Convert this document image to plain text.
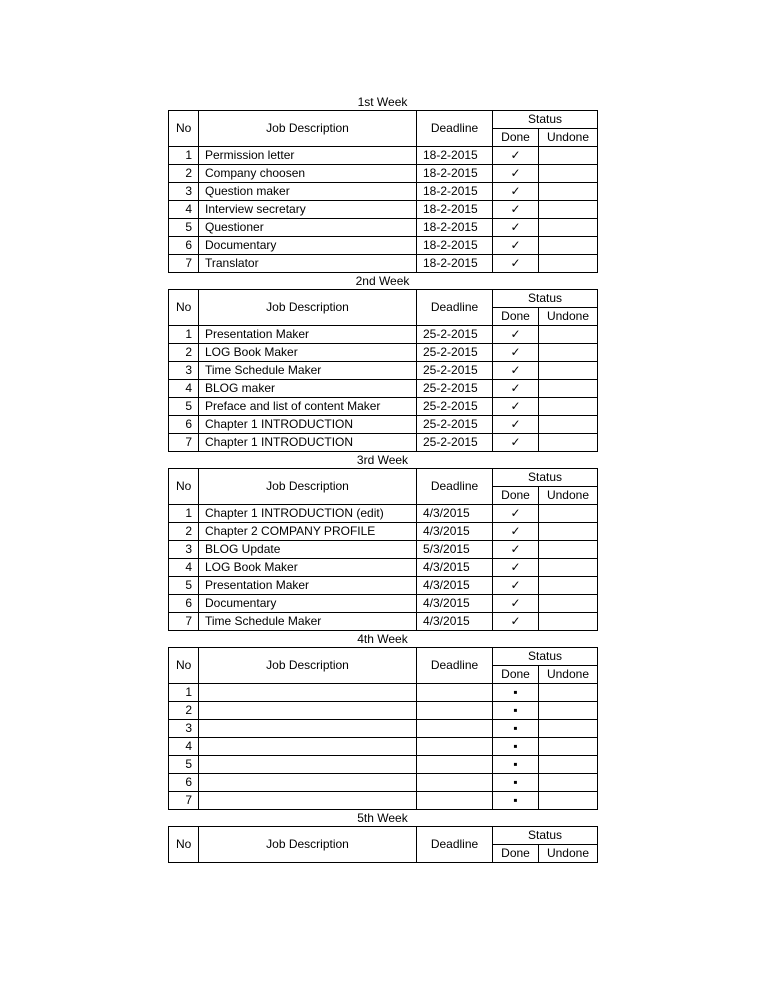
1st Week
No	Job Description	Deadline	Status	
			Done	Undone
1	Permission letter	18-2-2015	✓	
2	Company choosen	18-2-2015	✓	
3	Question maker	18-2-2015	✓	
4	Interview secretary	18-2-2015	✓	
5	Questioner	18-2-2015	✓	
6	Documentary	18-2-2015	✓	
7	Translator	18-2-2015	✓	
2nd Week
No	Job Description	Deadline	Status	
			Done	Undone
1	Presentation Maker	25-2-2015	✓	
2	LOG Book Maker	25-2-2015	✓	
3	Time Schedule Maker	25-2-2015	✓	
4	BLOG maker	25-2-2015	✓	
5	Preface and list of content Maker	25-2-2015	✓	
6	Chapter 1 INTRODUCTION	25-2-2015	✓	
7	Chapter 1 INTRODUCTION	25-2-2015	✓	
3rd Week
No	Job Description	Deadline	Status	
			Done	Undone
1	Chapter 1 INTRODUCTION (edit)	4/3/2015	✓	
2	Chapter 2 COMPANY PROFILE	4/3/2015	✓	
3	BLOG Update	5/3/2015	✓	
4	LOG Book Maker	4/3/2015	✓	
5	Presentation Maker	4/3/2015	✓	
6	Documentary	4/3/2015	✓	
7	Time Schedule Maker	4/3/2015	✓	
4th Week
No	Job Description	Deadline	Status	
			Done	Undone
1			▪	
2			▪	
3			▪	
4			▪	
5			▪	
6			▪	
7			▪	
5th Week
No	Job Description	Deadline	Status	
			Done	Undone
